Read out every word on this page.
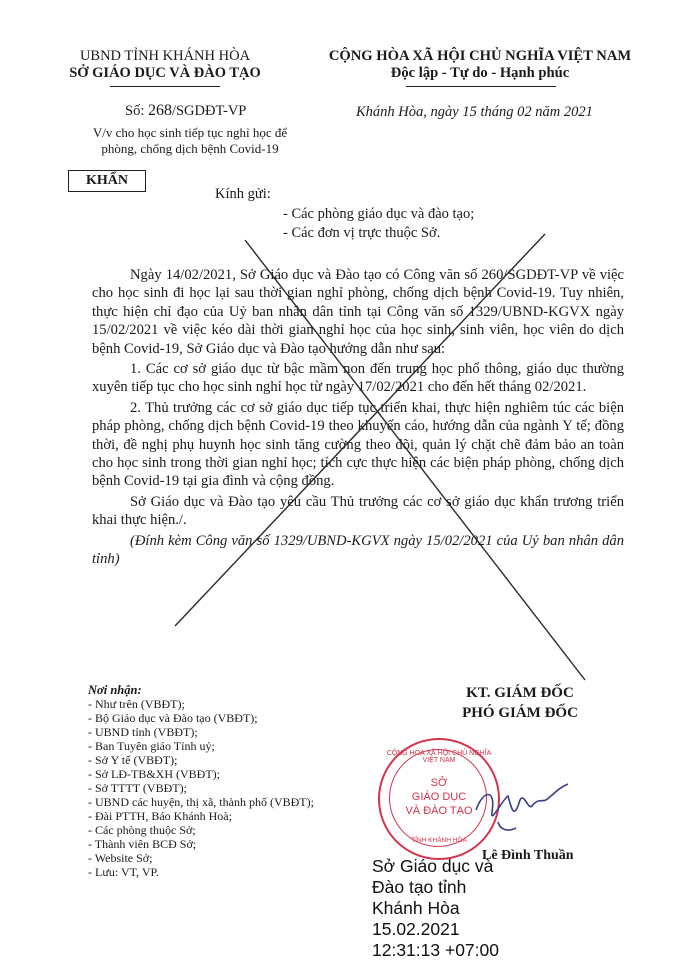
UBND TỈNH KHÁNH HÒA
SỞ GIÁO DỤC VÀ ĐÀO TẠO
CỘNG HÒA XÃ HỘI CHỦ NGHĨA VIỆT NAM
Độc lập - Tự do - Hạnh phúc
Số: 268/SGDĐT-VP	Khánh Hòa, ngày 15 tháng 02 năm 2021
V/v cho học sinh tiếp tục nghỉ học để
phòng, chống dịch bệnh Covid-19
KHẨN
Kính gửi:
- Các phòng giáo dục và đào tạo;
- Các đơn vị trực thuộc Sở.
Ngày 14/02/2021, Sở Giáo dục và Đào tạo có Công văn số 260/SGDĐT-VP về việc cho học sinh đi học lại sau thời gian nghỉ phòng, chống dịch bệnh Covid-19. Tuy nhiên, thực hiện chỉ đạo của Uỷ ban nhân dân tỉnh tại Công văn số 1329/UBND-KGVX ngày 15/02/2021 về việc kéo dài thời gian nghỉ học của học sinh, sinh viên, học viên do dịch bệnh Covid-19, Sở Giáo dục và Đào tạo hướng dẫn như sau:
1. Các cơ sở giáo dục từ bậc mầm non đến trung học phổ thông, giáo dục thường xuyên tiếp tục cho học sinh nghỉ học từ ngày 17/02/2021 cho đến hết tháng 02/2021.
2. Thủ trưởng các cơ sở giáo dục tiếp tục triển khai, thực hiện nghiêm túc các biện pháp phòng, chống dịch bệnh Covid-19 theo khuyến cáo, hướng dẫn của ngành Y tế; đồng thời, đề nghị phụ huynh học sinh tăng cường theo dõi, quản lý chặt chẽ đảm bảo an toàn cho học sinh trong thời gian nghỉ học; tích cực thực hiện các biện pháp phòng, chống dịch bệnh Covid-19 tại gia đình và cộng đồng.
Sở Giáo dục và Đào tạo yêu cầu Thủ trưởng các cơ sở giáo dục khẩn trương triển khai thực hiện./.
(Đính kèm Công văn số 1329/UBND-KGVX ngày 15/02/2021 của Uỷ ban nhân dân tỉnh)
Nơi nhận:
- Như trên (VBĐT);
- Bộ Giáo dục và Đào tạo (VBĐT);
- UBND tỉnh (VBĐT);
- Ban Tuyên giáo Tỉnh uỷ;
- Sở Y tế (VBĐT);
- Sở LĐ-TB&XH (VBĐT);
- Sở TTTT (VBĐT);
- UBND các huyện, thị xã, thành phố (VBĐT);
- Đài PTTH, Báo Khánh Hoà;
- Các phòng thuộc Sở;
- Thành viên BCĐ Sở;
- Website Sở;
- Lưu: VT, VP.
KT. GIÁM ĐỐC
PHÓ GIÁM ĐỐC
CỘNG HÒA XÃ HỘI CHỦ NGHĨA VIỆT NAM
SỞ
GIÁO DỤC
VÀ ĐÀO TẠO
TỈNH KHÁNH HÒA
Lê Đình Thuần
Sở Giáo dục và
Đào tạo tỉnh
Khánh Hòa
15.02.2021
12:31:13 +07:00
